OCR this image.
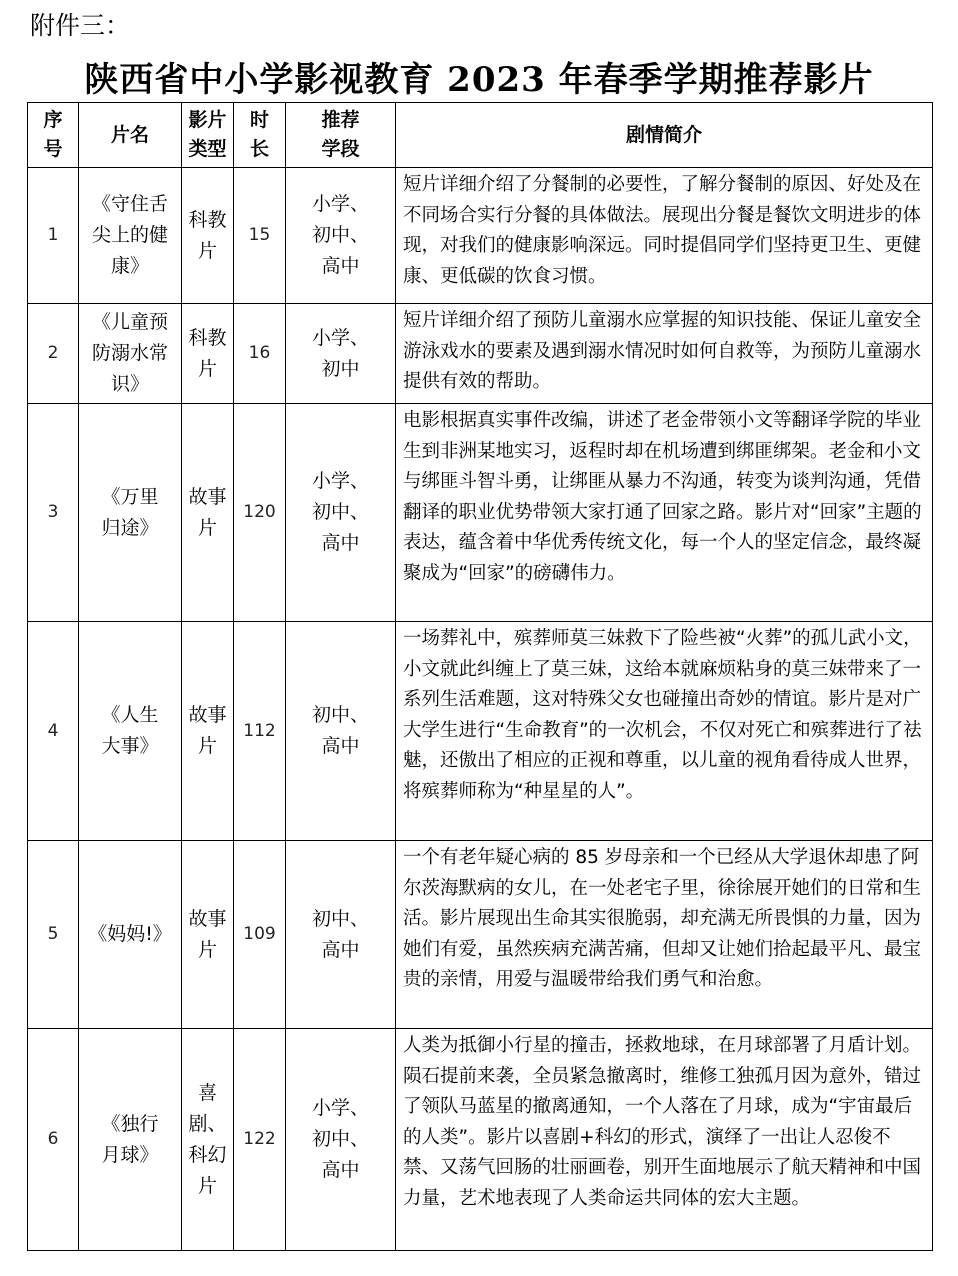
附件三：
陕西省中小学影视教育 2023 年春季学期推荐影片
序号	片名	影片类型	时长	推荐学段	剧情简介
1	《守住舌尖上的健康》	科教片	15	小学、初中、高中	短片详细介绍了分餐制的必要性，了解分餐制的原因、好处及在不同场合实行分餐的具体做法。展现出分餐是餐饮文明进步的体现，对我们的健康影响深远。同时提倡同学们坚持更卫生、更健康、更低碳的饮食习惯。
2	《儿童预防溺水常识》	科教片	16	小学、初中	短片详细介绍了预防儿童溺水应掌握的知识技能、保证儿童安全游泳戏水的要素及遇到溺水情况时如何自救等，为预防儿童溺水提供有效的帮助。
3	《万里归途》	故事片	120	小学、初中、高中	电影根据真实事件改编，讲述了老金带领小文等翻译学院的毕业生到非洲某地实习，返程时却在机场遭到绑匪绑架。老金和小文与绑匪斗智斗勇，让绑匪从暴力不沟通，转变为谈判沟通，凭借翻译的职业优势带领大家打通了回家之路。影片对“回家”主题的表达，蕴含着中华优秀传统文化，每一个人的坚定信念，最终凝聚成为“回家”的磅礴伟力。
4	《人生大事》	故事片	112	初中、高中	一场葬礼中，殡葬师莫三妹救下了险些被“火葬”的孤儿武小文，小文就此纠缠上了莫三妹，这给本就麻烦粘身的莫三妹带来了一系列生活难题，这对特殊父女也碰撞出奇妙的情谊。影片是对广大学生进行“生命教育”的一次机会，不仅对死亡和殡葬进行了祛魅，还傲出了相应的正视和尊重，以儿童的视角看待成人世界，将殡葬师称为“种星星的人”。
5	《妈妈!》	故事片	109	初中、高中	一个有老年疑心病的 85 岁母亲和一个已经从大学退休却患了阿尔茨海默病的女儿，在一处老宅子里，徐徐展开她们的日常和生活。影片展现出生命其实很脆弱，却充满无所畏惧的力量，因为她们有爱，虽然疾病充满苦痛，但却又让她们拾起最平凡、最宝贵的亲情，用爱与温暖带给我们勇气和治愈。
6	《独行月球》	喜剧、科幻片	122	小学、初中、高中	人类为抵御小行星的撞击，拯救地球，在月球部署了月盾计划。陨石提前来袭，全员紧急撤离时，维修工独孤月因为意外，错过了领队马蓝星的撤离通知，一个人落在了月球，成为“宇宙最后的人类”。影片以喜剧+科幻的形式，演绎了一出让人忍俊不禁、又荡气回肠的壮丽画卷，别开生面地展示了航天精神和中国力量，艺术地表现了人类命运共同体的宏大主题。
